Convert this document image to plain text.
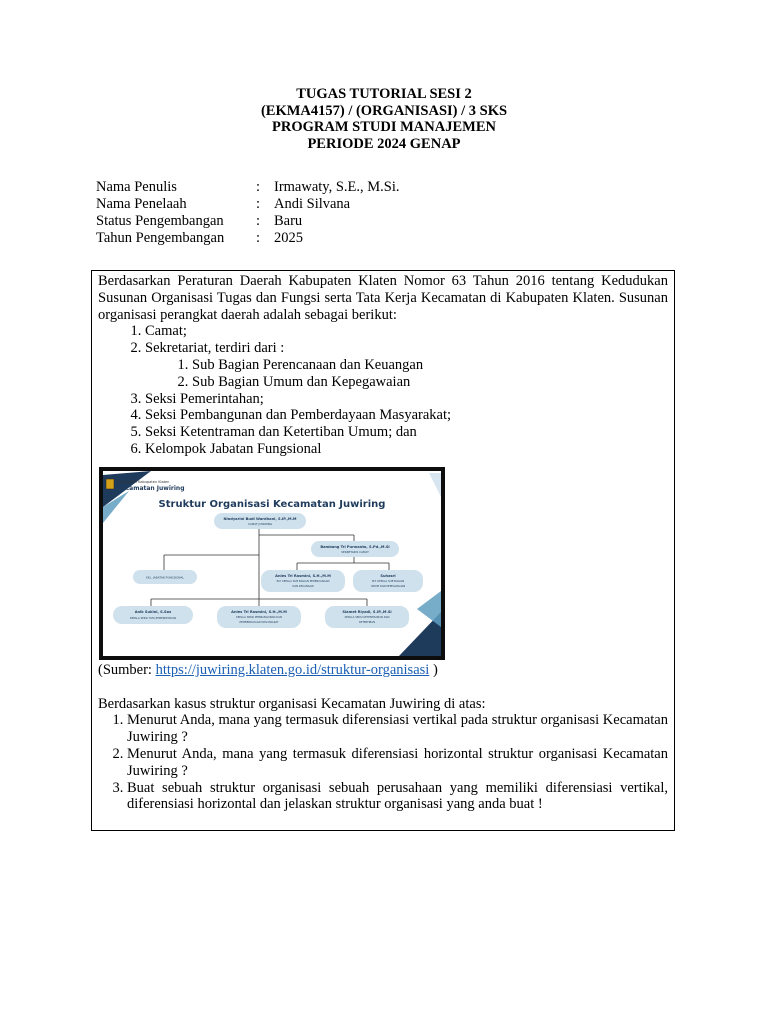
TUGAS TUTORIAL SESI 2
(EKMA4157) / (ORGANISASI) / 3 SKS
PROGRAM STUDI MANAJEMEN
PERIODE 2024 GENAP
Nama Penulis	: Irmawaty, S.E., M.Si.
Nama Penelaah	: Andi Silvana
Status Pengembangan	: Baru
Tahun Pengembangan	: 2025
Berdasarkan Peraturan Daerah Kabupaten Klaten Nomor 63 Tahun 2016 tentang Kedudukan Susunan Organisasi Tugas dan Fungsi serta Tata Kerja Kecamatan di Kabupaten Klaten. Susunan organisasi perangkat daerah adalah sebagai berikut:
1. Camat;
2. Sekretariat, terdiri dari :
1. Sub Bagian Perencanaan dan Keuangan
2. Sub Bagian Umum dan Kepegawaian
3. Seksi Pemerintahan;
4. Seksi Pembangunan dan Pemberdayaan Masyarakat;
5. Seksi Ketentraman dan Ketertiban Umum; dan
6. Kelompok Jabatan Fungsional
Pemerintah Kabupaten Klaten
Kecamatan Juwiring
Struktur Organisasi Kecamatan Juwiring
Nindyarini Budi Wardhani, S.IP.,M.M
CAMAT JUWIRING
Bambang Tri Purwanto, S.Pd.,M.Si
SEKRETARIS CAMAT
KEL. JABATAN FUNGSIONAL	Anies Tri Rasmini, S.H.,M.M
PLT. KEPALA SUB BAGIAN PERENCANAAN
DAN KEUANGAN
Suhasri
PLT. KEPALA SUB BAGIAN
UMUM DAN KEPEGAWAIAN
Anik Sukini, S.Sos
KEPALA SEKSI TATA PEMERINTAHAN
Anies Tri Rasmini, S.H.,M.M
KEPALA SEKSI PEMBANGUNAN DAN
PEMBERDAYAAN MASYARAKAT
Slamet Riyadi, S.IP.,M.Si
KEPALA SEKSI KETENTRAMAN DAN
KETERTIBAN
(Sumber: https://juwiring.klaten.go.id/struktur-organisasi )
Berdasarkan kasus struktur organisasi Kecamatan Juwiring di atas:
1. Menurut Anda, mana yang termasuk diferensiasi vertikal pada struktur organisasi Kecamatan Juwiring ?
2. Menurut Anda, mana yang termasuk diferensiasi horizontal struktur organisasi Kecamatan Juwiring ?
3. Buat sebuah struktur organisasi sebuah perusahaan yang memiliki diferensiasi vertikal, diferensiasi horizontal dan jelaskan struktur organisasi yang anda buat !
